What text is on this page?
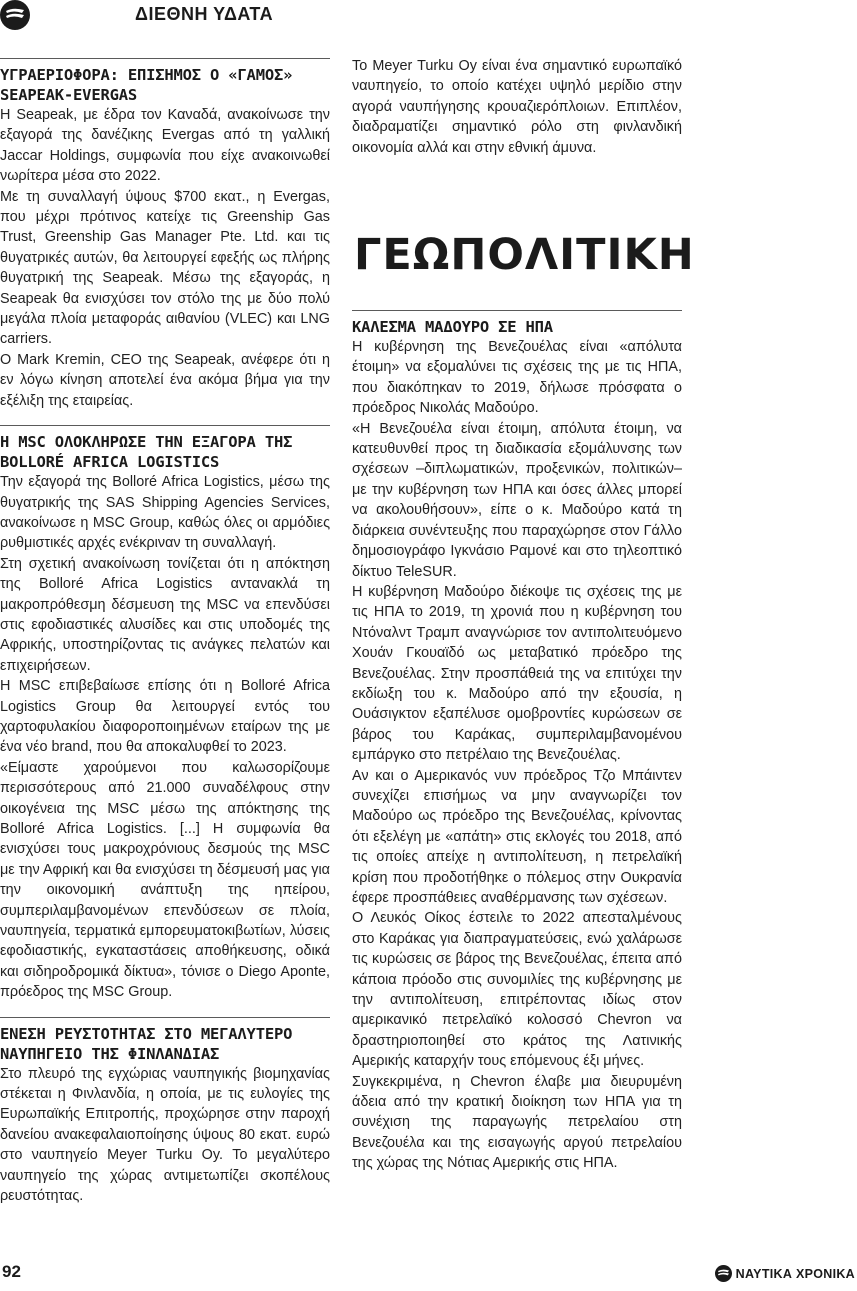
ΔΙΕΘΝΗ ΥΔΑΤΑ
ΥΓΡΑΕΡΙΟΦΟΡΑ: ΕΠΙΣΗΜΟΣ Ο «ΓΑΜΟΣ» SEAPEAK-EVERGAS

Η Seapeak, με έδρα τον Καναδά, ανακοίνωσε την εξαγορά της δανέζικης Evergas από τη γαλλική Jaccar Holdings, συμφωνία που είχε ανακοινωθεί νωρίτερα μέσα στο 2022.

Με τη συναλλαγή ύψους $700 εκατ., η Evergas, που μέχρι πρότινος κατείχε τις Greenship Gas Trust, Greenship Gas Manager Pte. Ltd. και τις θυγατρικές αυτών, θα λειτουργεί εφεξής ως πλήρης θυγατρική της Seapeak. Μέσω της εξαγοράς, η Seapeak θα ενισχύσει τον στόλο της με δύο πολύ μεγάλα πλοία μεταφοράς αιθανίου (VLEC) και LNG carriers.

Ο Mark Kremin, CEO της Seapeak, ανέφερε ότι η εν λόγω κίνηση αποτελεί ένα ακόμα βήμα για την εξέλιξη της εταιρείας.

Η MSC ΟΛΟΚΛΗΡΩΣΕ ΤΗΝ ΕΞΑΓΟΡΑ ΤΗΣ BOLLORÉ AFRICA LOGISTICS

Την εξαγορά της Bolloré Africa Logistics, μέσω της θυγατρικής της SAS Shipping Agencies Services, ανακοίνωσε η MSC Group, καθώς όλες οι αρμόδιες ρυθμιστικές αρχές ενέκριναν τη συναλλαγή.

Στη σχετική ανακοίνωση τονίζεται ότι η απόκτηση της Bolloré Africa Logistics αντανακλά τη μακροπρόθεσμη δέσμευση της MSC να επενδύσει στις εφοδιαστικές αλυσίδες και στις υποδομές της Αφρικής, υποστηρίζοντας τις ανάγκες πελατών και επιχειρήσεων.

Η MSC επιβεβαίωσε επίσης ότι η Bolloré Africa Logistics Group θα λειτουργεί εντός του χαρτοφυλακίου διαφοροποιημένων εταίρων της με ένα νέο brand, που θα αποκαλυφθεί το 2023.

«Είμαστε χαρούμενοι που καλωσορίζουμε περισσότερους από 21.000 συναδέλφους στην οικογένεια της MSC μέσω της απόκτησης της Bolloré Africa Logistics. [...] Η συμφωνία θα ενισχύσει τους μακροχρόνιους δεσμούς της MSC με την Αφρική και θα ενισχύσει τη δέσμευσή μας για την οικονομική ανάπτυξη της ηπείρου, συμπεριλαμβανομένων επενδύσεων σε πλοία, ναυπηγεία, τερματικά εμπορευματοκιβωτίων, λύσεις εφοδιαστικής, εγκαταστάσεις αποθήκευσης, οδικά και σιδηροδρομικά δίκτυα», τόνισε ο Diego Aponte, πρόεδρος της MSC Group.

ΕΝΕΣΗ ΡΕΥΣΤΟΤΗΤΑΣ ΣΤΟ ΜΕΓΑΛΥΤΕΡΟ ΝΑΥΠΗΓΕΙΟ ΤΗΣ ΦΙΝΛΑΝΔΙΑΣ

Στο πλευρό της εγχώριας ναυπηγικής βιομηχανίας στέκεται η Φινλανδία, η οποία, με τις ευλογίες της Ευρωπαϊκής Επιτροπής, προχώρησε στην παροχή δανείου ανακεφαλαιοποίησης ύψους 80 εκατ. ευρώ στο ναυπηγείο Meyer Turku Oy. Το μεγαλύτερο ναυπηγείο της χώρας αντιμετωπίζει σκοπέλους ρευστότητας.

Το Meyer Turku Oy είναι ένα σημαντικό ευρωπαϊκό ναυπηγείο, το οποίο κατέχει υψηλό μερίδιο στην αγορά ναυπήγησης κρουαζιερόπλοιων. Επιπλέον, διαδραματίζει σημαντικό ρόλο στη φινλανδική οικονομία αλλά και στην εθνική άμυνα.

ΓΕΩΠΟΛΙΤΙΚΗ
ΚΑΛΕΣΜΑ ΜΑΔΟΥΡΟ ΣΕ ΗΠΑ

Η κυβέρνηση της Βενεζουέλας είναι «απόλυτα έτοιμη» να εξομαλύνει τις σχέσεις της με τις ΗΠΑ, που διακόπηκαν το 2019, δήλωσε πρόσφατα ο πρόεδρος Νικολάς Μαδούρο.

«Η Βενεζουέλα είναι έτοιμη, απόλυτα έτοιμη, να κατευθυνθεί προς τη διαδικασία εξομάλυνσης των σχέσεων –διπλωματικών, προξενικών, πολιτικών– με την κυβέρνηση των ΗΠΑ και όσες άλλες μπορεί να ακολουθήσουν», είπε ο κ. Μαδούρο κατά τη διάρκεια συνέντευξης που παραχώρησε στον Γάλλο δημοσιογράφο Ιγκνάσιο Ραμονέ και στο τηλεοπτικό δίκτυο TeleSUR.

Η κυβέρνηση Μαδούρο διέκοψε τις σχέσεις της με τις ΗΠΑ το 2019, τη χρονιά που η κυβέρνηση του Ντόναλντ Τραμπ αναγνώρισε τον αντιπολιτευόμενο Χουάν Γκουαϊδό ως μεταβατικό πρόεδρο της Βενεζουέλας. Στην προσπάθειά της να επιτύχει την εκδίωξη του κ. Μαδούρο από την εξουσία, η Ουάσιγκτον εξαπέλυσε ομοβροντίες κυρώσεων σε βάρος του Καράκας, συμπεριλαμβανομένου εμπάργκο στο πετρέλαιο της Βενεζουέλας.

Αν και ο Αμερικανός νυν πρόεδρος Τζο Μπάιντεν συνεχίζει επισήμως να μην αναγνωρίζει τον Μαδούρο ως πρόεδρο της Βενεζουέλας, κρίνοντας ότι εξελέγη με «απάτη» στις εκλογές του 2018, από τις οποίες απείχε η αντιπολίτευση, η πετρελαϊκή κρίση που προδοτήθηκε ο πόλεμος στην Ουκρανία έφερε προσπάθειες αναθέρμανσης των σχέσεων.

Ο Λευκός Οίκος έστειλε το 2022 απεσταλμένους στο Καράκας για διαπραγματεύσεις, ενώ χαλάρωσε τις κυρώσεις σε βάρος της Βενεζουέλας, έπειτα από κάποια πρόοδο στις συνομιλίες της κυβέρνησης με την αντιπολίτευση, επιτρέποντας ιδίως στον αμερικανικό πετρελαϊκό κολοσσό Chevron να δραστηριοποιηθεί στο κράτος της Λατινικής Αμερικής καταρχήν τους επόμενους έξι μήνες.

Συγκεκριμένα, η Chevron έλαβε μια διευρυμένη άδεια από την κρατική διοίκηση των ΗΠΑ για τη συνέχιση της παραγωγής πετρελαίου στη Βενεζουέλα και της εισαγωγής αργού πετρελαίου της χώρας της Νότιας Αμερικής στις ΗΠΑ.

92	ΝΑΥΤΙΚΑ ΧΡΟΝΙΚΑ
